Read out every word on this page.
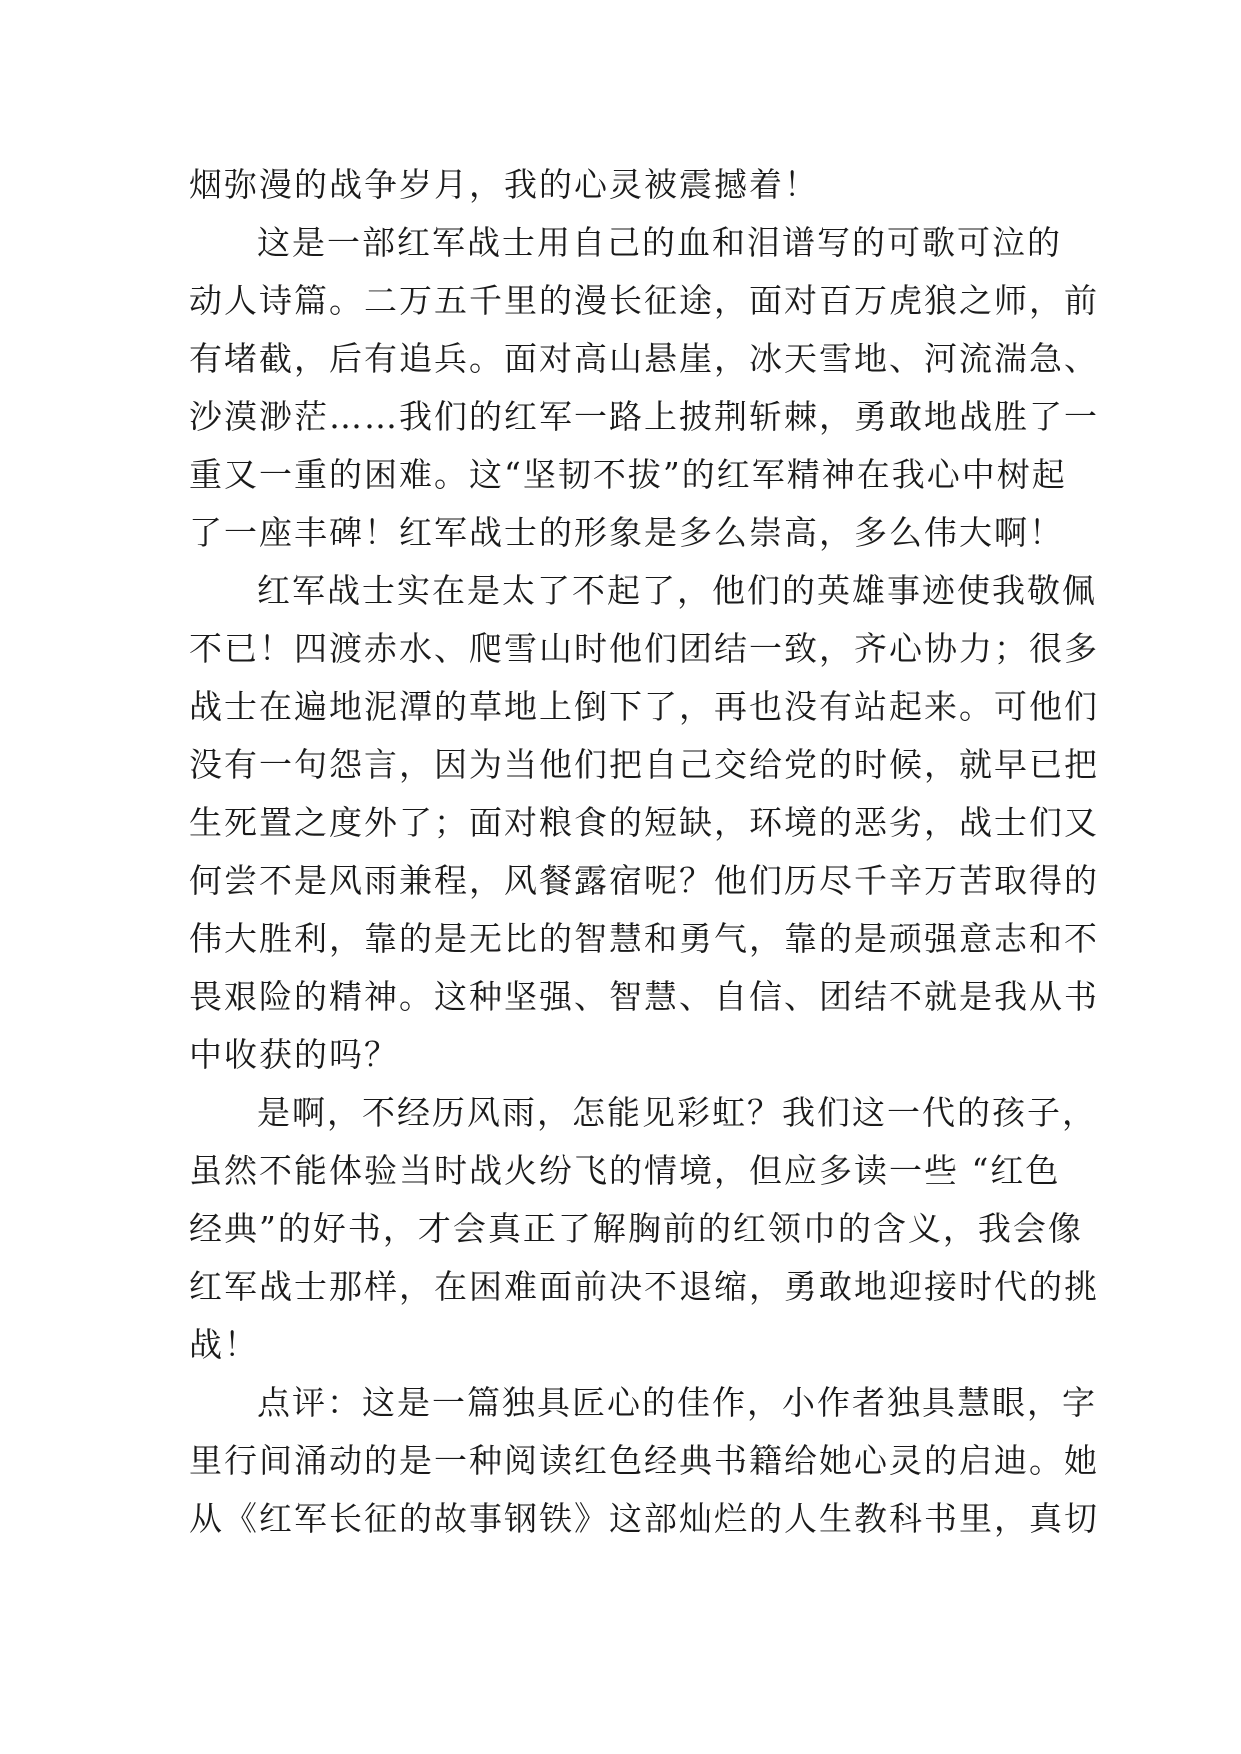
烟弥漫的战争岁月，我的心灵被震撼着！
这是一部红军战士用自己的血和泪谱写的可歌可泣的
动人诗篇。二万五千里的漫长征途，面对百万虎狼之师，前
有堵截，后有追兵。面对高山悬崖，冰天雪地、河流湍急、
沙漠渺茫……我们的红军一路上披荆斩棘，勇敢地战胜了一
重又一重的困难。这“坚韧不拔”的红军精神在我心中树起
了一座丰碑！红军战士的形象是多么崇高，多么伟大啊！
红军战士实在是太了不起了，他们的英雄事迹使我敬佩
不已！四渡赤水、爬雪山时他们团结一致，齐心协力；很多
战士在遍地泥潭的草地上倒下了，再也没有站起来。可他们
没有一句怨言，因为当他们把自己交给党的时候，就早已把
生死置之度外了；面对粮食的短缺，环境的恶劣，战士们又
何尝不是风雨兼程，风餐露宿呢？他们历尽千辛万苦取得的
伟大胜利，靠的是无比的智慧和勇气，靠的是顽强意志和不
畏艰险的精神。这种坚强、智慧、自信、团结不就是我从书
中收获的吗？
是啊，不经历风雨，怎能见彩虹？我们这一代的孩子，
虽然不能体验当时战火纷飞的情境，但应多读一些 “红色
经典”的好书，才会真正了解胸前的红领巾的含义，我会像
红军战士那样，在困难面前决不退缩，勇敢地迎接时代的挑
战！
点评：这是一篇独具匠心的佳作，小作者独具慧眼，字
里行间涌动的是一种阅读红色经典书籍给她心灵的启迪。她
从《红军长征的故事钢铁》这部灿烂的人生教科书里，真切
